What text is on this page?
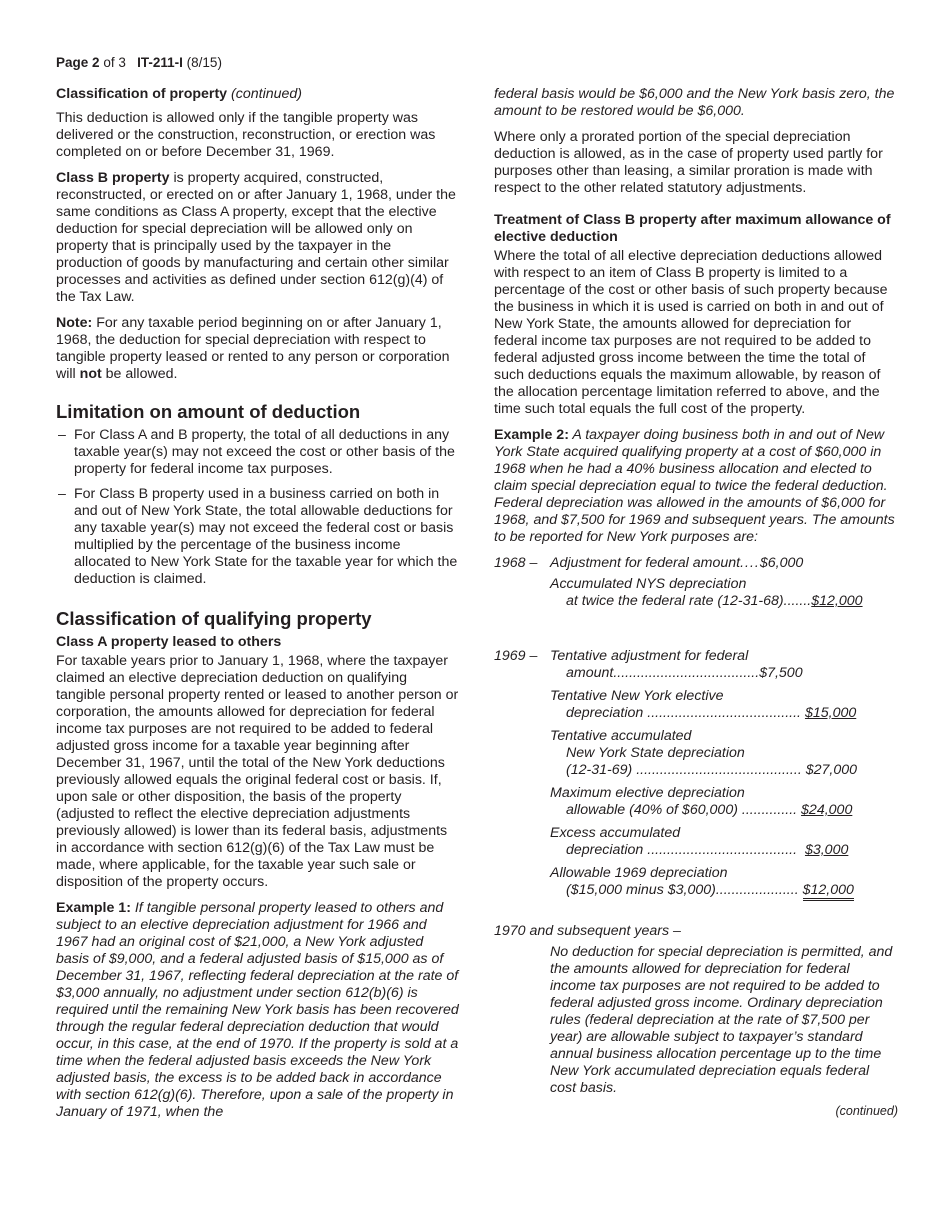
Page 2 of 3 IT-211-I (8/15)
Classification of property (continued)

This deduction is allowed only if the tangible property was delivered or the construction, reconstruction, or erection was completed on or before December 31, 1969.

Class B property is property acquired, constructed, reconstructed, or erected on or after January 1, 1968, under the same conditions as Class A property, except that the elective deduction for special depreciation will be allowed only on property that is principally used by the taxpayer in the production of goods by manufacturing and certain other similar processes and activities as defined under section 612(g)(4) of the Tax Law.

Note: For any taxable period beginning on or after January 1, 1968, the deduction for special depreciation with respect to tangible property leased or rented to any person or corporation will not be allowed.

Limitation on amount of deduction
– For Class A and B property, the total of all deductions in any taxable year(s) may not exceed the cost or other basis of the property for federal income tax purposes.
– For Class B property used in a business carried on both in and out of New York State, the total allowable deductions for any taxable year(s) may not exceed the federal cost or basis multiplied by the percentage of the business income allocated to New York State for the taxable year for which the deduction is claimed.
Classification of qualifying property
Class A property leased to others

For taxable years prior to January 1, 1968, where the taxpayer claimed an elective depreciation deduction on qualifying tangible personal property rented or leased to another person or corporation, the amounts allowed for depreciation for federal income tax purposes are not required to be added to federal adjusted gross income for a taxable year beginning after December 31, 1967, until the total of the New York deductions previously allowed equals the original federal cost or basis. If, upon sale or other disposition, the basis of the property (adjusted to reflect the elective depreciation adjustments previously allowed) is lower than its federal basis, adjustments in accordance with section 612(g)(6) of the Tax Law must be made, where applicable, for the taxable year such sale or disposition of the property occurs.

Example 1: If tangible personal property leased to others and subject to an elective depreciation adjustment for 1966 and 1967 had an original cost of $21,000, a New York adjusted basis of $9,000, and a federal adjusted basis of $15,000 as of December 31, 1967, reflecting federal depreciation at the rate of $3,000 annually, no adjustment under section 612(b)(6) is required until the remaining New York basis has been recovered through the regular federal depreciation deduction that would occur, in this case, at the end of 1970. If the property is sold at a time when the federal adjusted basis exceeds the New York adjusted basis, the excess is to be added back in accordance with section 612(g)(6). Therefore, upon a sale of the property in January of 1971, when the

federal basis would be $6,000 and the New York basis zero, the amount to be restored would be $6,000.

Where only a prorated portion of the special depreciation deduction is allowed, as in the case of property used partly for purposes other than leasing, a similar proration is made with respect to the other related statutory adjustments.

Treatment of Class B property after maximum allowance of elective deduction

Where the total of all elective depreciation deductions allowed with respect to an item of Class B property is limited to a percentage of the cost or other basis of such property because the business in which it is used is carried on both in and out of New York State, the amounts allowed for depreciation for federal income tax purposes are not required to be added to federal adjusted gross income between the time the total of such deductions equals the maximum allowable, by reason of the allocation percentage limitation referred to above, and the time such total equals the full cost of the property.

Example 2: A taxpayer doing business both in and out of New York State acquired qualifying property at a cost of $60,000 in 1968 when he had a 40% business allocation and elected to claim special depreciation equal to twice the federal deduction. Federal depreciation was allowed in the amounts of $6,000 for 1968, and $7,500 for 1969 and subsequent years. The amounts to be reported for New York purposes are:

1968 – Adjustment for federal amount....$6,000
Accumulated NYS depreciation
at twice the federal rate (12-31-68).......$12,000
1969 – Tentative adjustment for federal
amount.....................................$7,500
Tentative New York elective
depreciation ....................................... $15,000
Tentative accumulated
New York State depreciation
(12-31-69) .......................................... $27,000
Maximum elective depreciation
allowable (40% of $60,000) .............. $24,000
Excess accumulated
depreciation ...................................... $3,000
Allowable 1969 depreciation
($15,000 minus $3,000)..................... $12,000
1970 and subsequent years –
No deduction for special depreciation is permitted, and the amounts allowed for depreciation for federal income tax purposes are not required to be added to federal adjusted gross income. Ordinary depreciation rules (federal depreciation at the rate of $7,500 per year) are allowable subject to taxpayer’s standard annual business allocation percentage up to the time New York accumulated depreciation equals federal cost basis.
(continued)
